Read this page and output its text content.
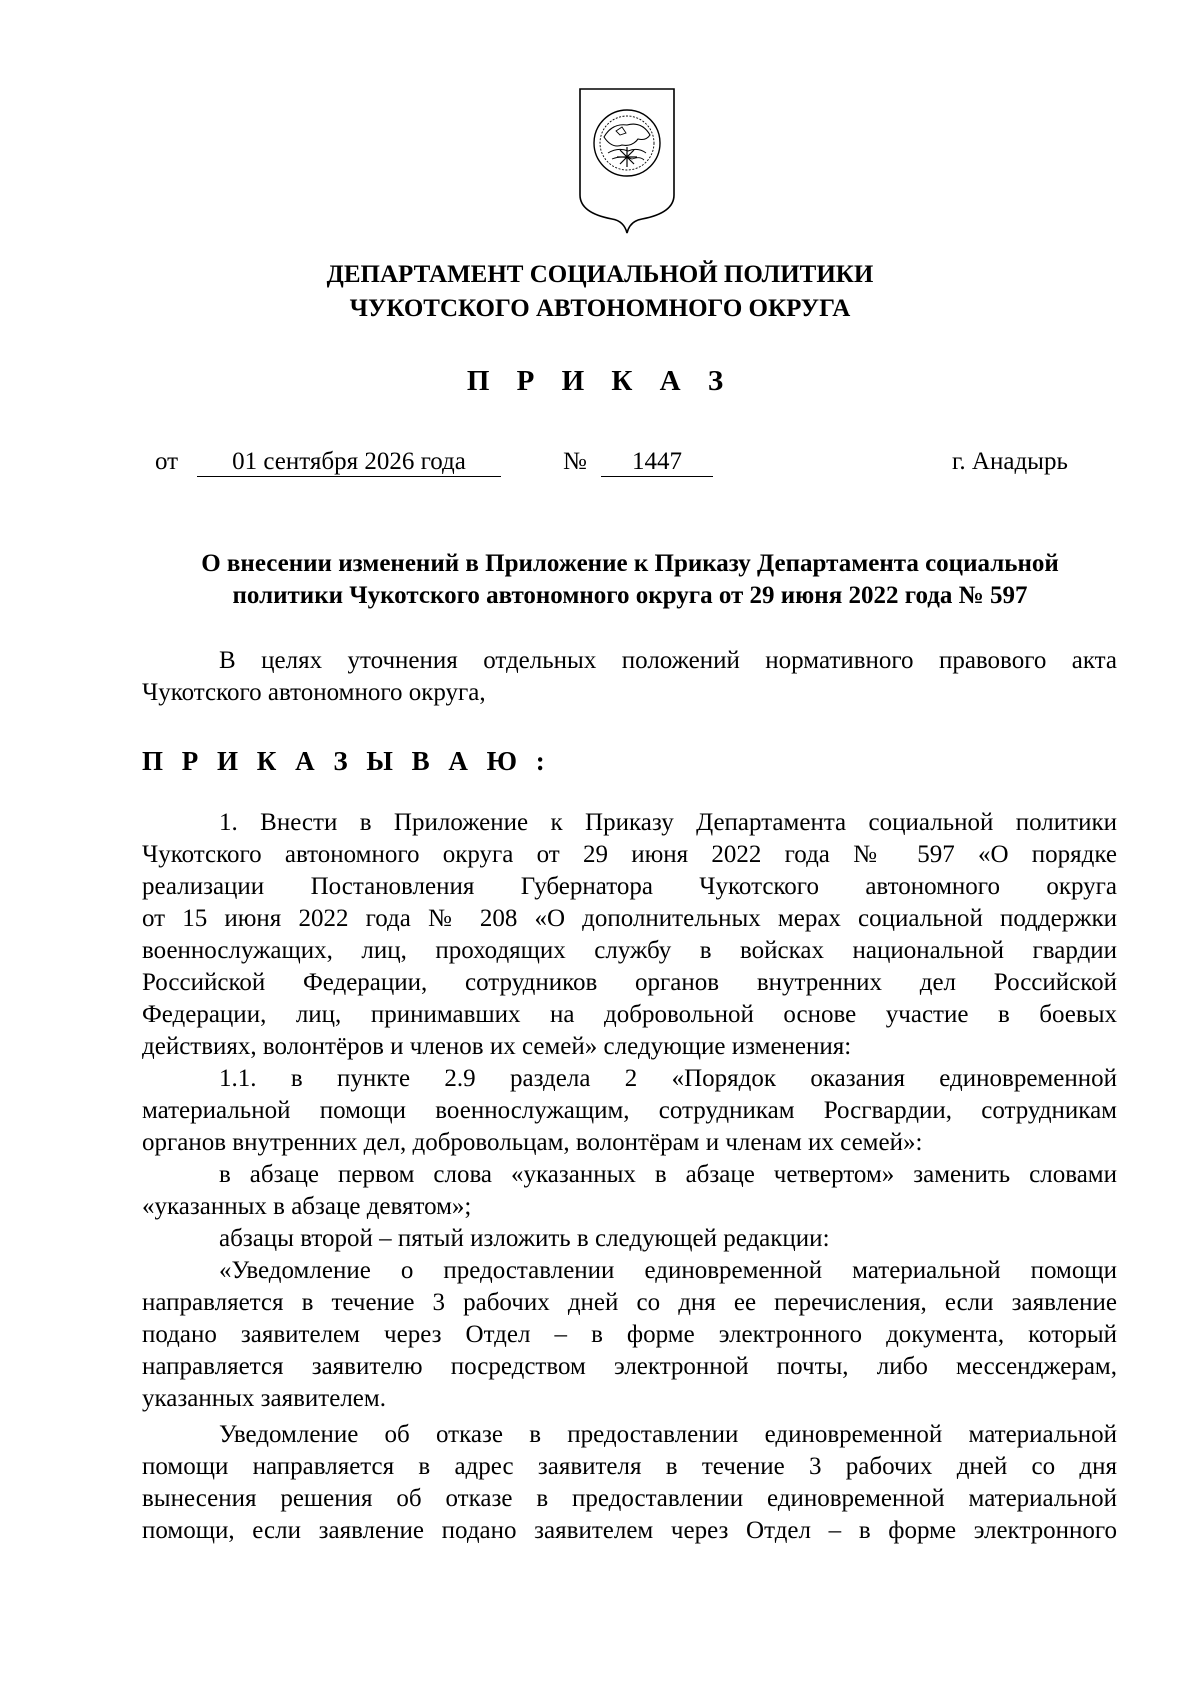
ДЕПАРТАМЕНТ СОЦИАЛЬНОЙ ПОЛИТИКИ
ЧУКОТСКОГО АВТОНОМНОГО ОКРУГА
П Р И К А З
от	01 сентября 2026 года	№	1447	г. Анадырь
О внесении изменений в Приложение к Приказу Департамента социальной
политики Чукотского автономного округа от 29 июня 2022 года № 597
В целях уточнения отдельных положений нормативного правового акта
Чукотского автономного округа,
П Р И К А З Ы В А Ю :
1. Внести в Приложение к Приказу Департамента социальной политики
Чукотского автономного округа от 29 июня 2022 года № 597 «О порядке
реализации Постановления Губернатора Чукотского автономного округа
от 15 июня 2022 года № 208 «О дополнительных мерах социальной поддержки
военнослужащих, лиц, проходящих службу в войсках национальной гвардии
Российской Федерации, сотрудников органов внутренних дел Российской
Федерации, лиц, принимавших на добровольной основе участие в боевых
действиях, волонтёров и членов их семей» следующие изменения:
1.1. в пункте 2.9 раздела 2 «Порядок оказания единовременной
материальной помощи военнослужащим, сотрудникам Росгвардии, сотрудникам
органов внутренних дел, добровольцам, волонтёрам и членам их семей»:
в абзаце первом слова «указанных в абзаце четвертом» заменить словами
«указанных в абзаце девятом»;
абзацы второй – пятый изложить в следующей редакции:
«Уведомление о предоставлении единовременной материальной помощи
направляется в течение 3 рабочих дней со дня ее перечисления, если заявление
подано заявителем через Отдел – в форме электронного документа, который
направляется заявителю посредством электронной почты, либо мессенджерам,
указанных заявителем.
Уведомление об отказе в предоставлении единовременной материальной
помощи направляется в адрес заявителя в течение 3 рабочих дней со дня
вынесения решения об отказе в предоставлении единовременной материальной
помощи, если заявление подано заявителем через Отдел – в форме электронного
